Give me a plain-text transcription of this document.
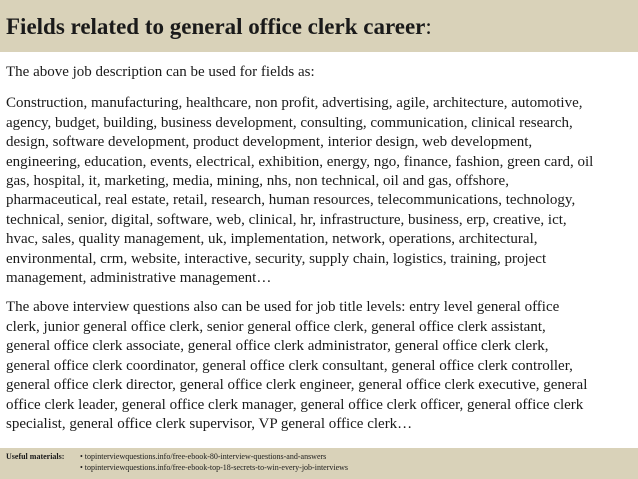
Fields related to general office clerk career:

The above job description can be used for fields as:

Construction, manufacturing, healthcare, non profit, advertising, agile, architecture, automotive,
agency, budget, building, business development, consulting, communication, clinical research,
design, software development, product development, interior design, web development,
engineering, education, events, electrical, exhibition, energy, ngo, finance, fashion, green card, oil
gas, hospital, it, marketing, media, mining, nhs, non technical, oil and gas, offshore,
pharmaceutical, real estate, retail, research, human resources, telecommunications, technology,
technical, senior, digital, software, web, clinical, hr, infrastructure, business, erp, creative, ict,
hvac, sales, quality management, uk, implementation, network, operations, architectural,
environmental, crm, website, interactive, security, supply chain, logistics, training, project
management, administrative management…

The above interview questions also can be used for job title levels: entry level general office
clerk, junior general office clerk, senior general office clerk, general office clerk assistant,
general office clerk associate, general office clerk administrator, general office clerk clerk,
general office clerk coordinator, general office clerk consultant, general office clerk controller,
general office clerk director, general office clerk engineer, general office clerk executive, general
office clerk leader, general office clerk manager, general office clerk officer, general office clerk
specialist, general office clerk supervisor, VP general office clerk…

Useful materials:	• topinterviewquestions.info/free-ebook-80-interview-questions-and-answers
• topinterviewquestions.info/free-ebook-top-18-secrets-to-win-every-job-interviews
